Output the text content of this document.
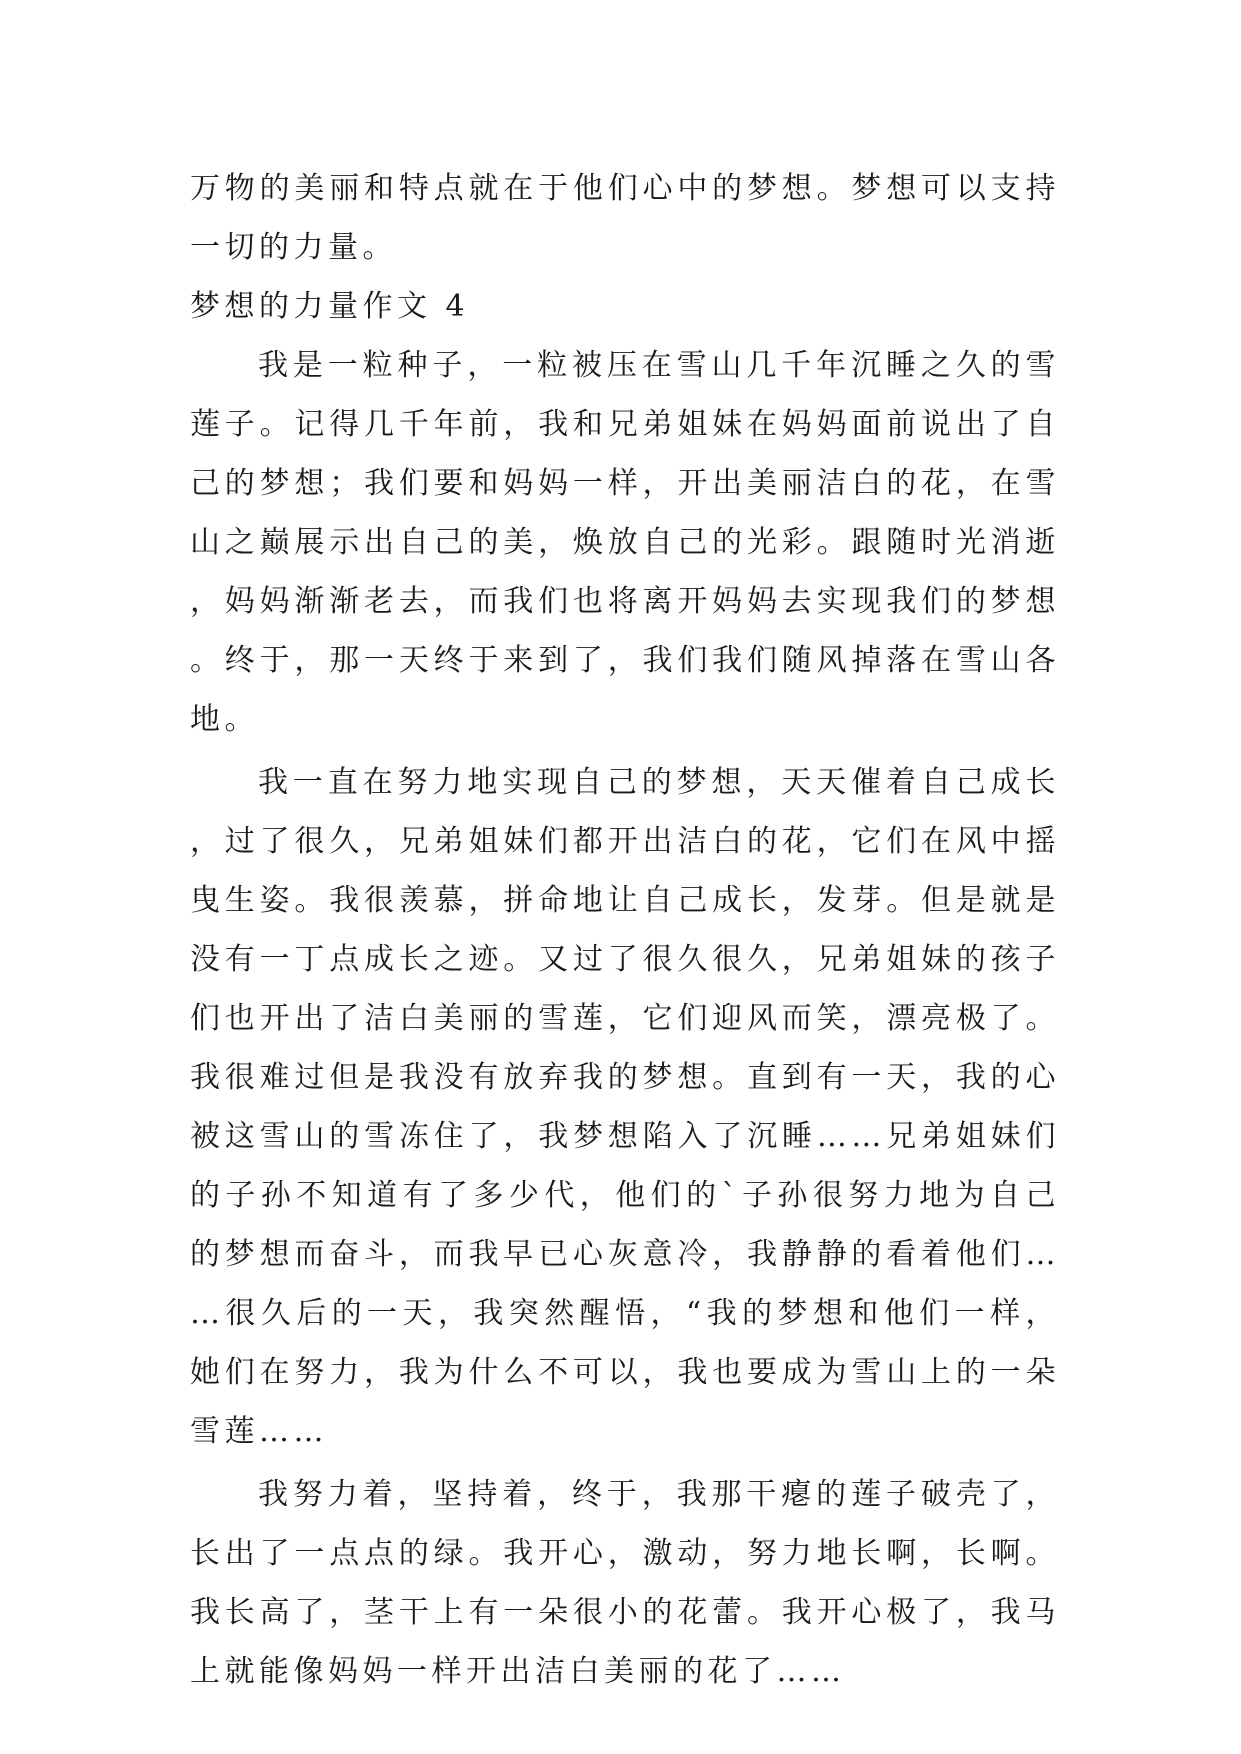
万物的美丽和特点就在于他们心中的梦想。梦想可以支持一切的力量。

梦想的力量作文 4

我是一粒种子，一粒被压在雪山几千年沉睡之久的雪莲子。记得几千年前，我和兄弟姐妹在妈妈面前说出了自己的梦想；我们要和妈妈一样，开出美丽洁白的花，在雪山之巅展示出自己的美，焕放自己的光彩。跟随时光消逝，妈妈渐渐老去，而我们也将离开妈妈去实现我们的梦想。终于，那一天终于来到了，我们我们随风掉落在雪山各地。

我一直在努力地实现自己的梦想，天天催着自己成长，过了很久，兄弟姐妹们都开出洁白的花，它们在风中摇曳生姿。我很羡慕，拼命地让自己成长，发芽。但是就是没有一丁点成长之迹。又过了很久很久，兄弟姐妹的孩子们也开出了洁白美丽的雪莲，它们迎风而笑，漂亮极了。我很难过但是我没有放弃我的梦想。直到有一天，我的心被这雪山的雪冻住了，我梦想陷入了沉睡……兄弟姐妹们的子孙不知道有了多少代，他们的`子孙很努力地为自己的梦想而奋斗，而我早已心灰意冷，我静静的看着他们……很久后的一天，我突然醒悟，“我的梦想和他们一样，她们在努力，我为什么不可以，我也要成为雪山上的一朵雪莲……

我努力着，坚持着，终于，我那干瘪的莲子破壳了，长出了一点点的绿。我开心，激动，努力地长啊，长啊。我长高了，茎干上有一朵很小的花蕾。我开心极了，我马上就能像妈妈一样开出洁白美丽的花了……
